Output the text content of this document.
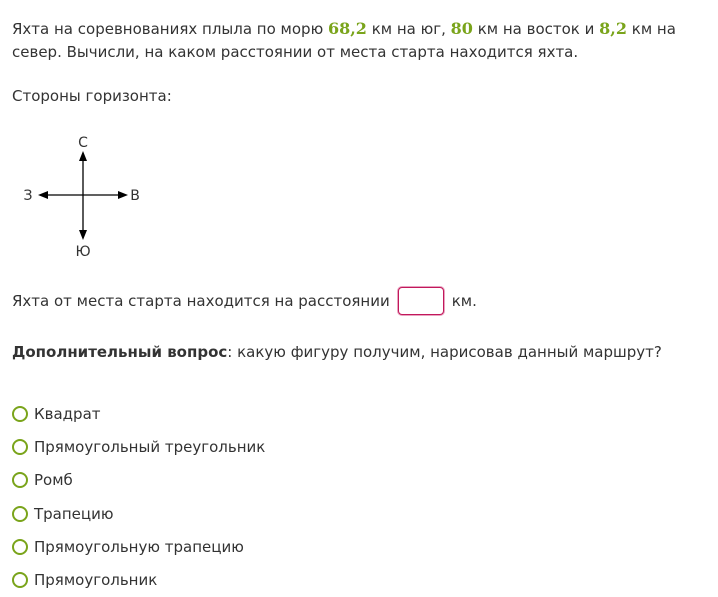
Яхта на соревнованиях плыла по морю 68,2 км на юг, 80 км на восток и 8,2 км на север. Вычисли, на каком расстоянии от места старта находится яхта.

Стороны горизонта:

С
Ю
З	В
Яхта от места старта находится на расстоянии	км.

Дополнительный вопрос: какую фигуру получим, нарисовав данный маршрут?

Квадрат
Прямоугольный треугольник
Ромб
Трапецию
Прямоугольную трапецию
Прямоугольник
